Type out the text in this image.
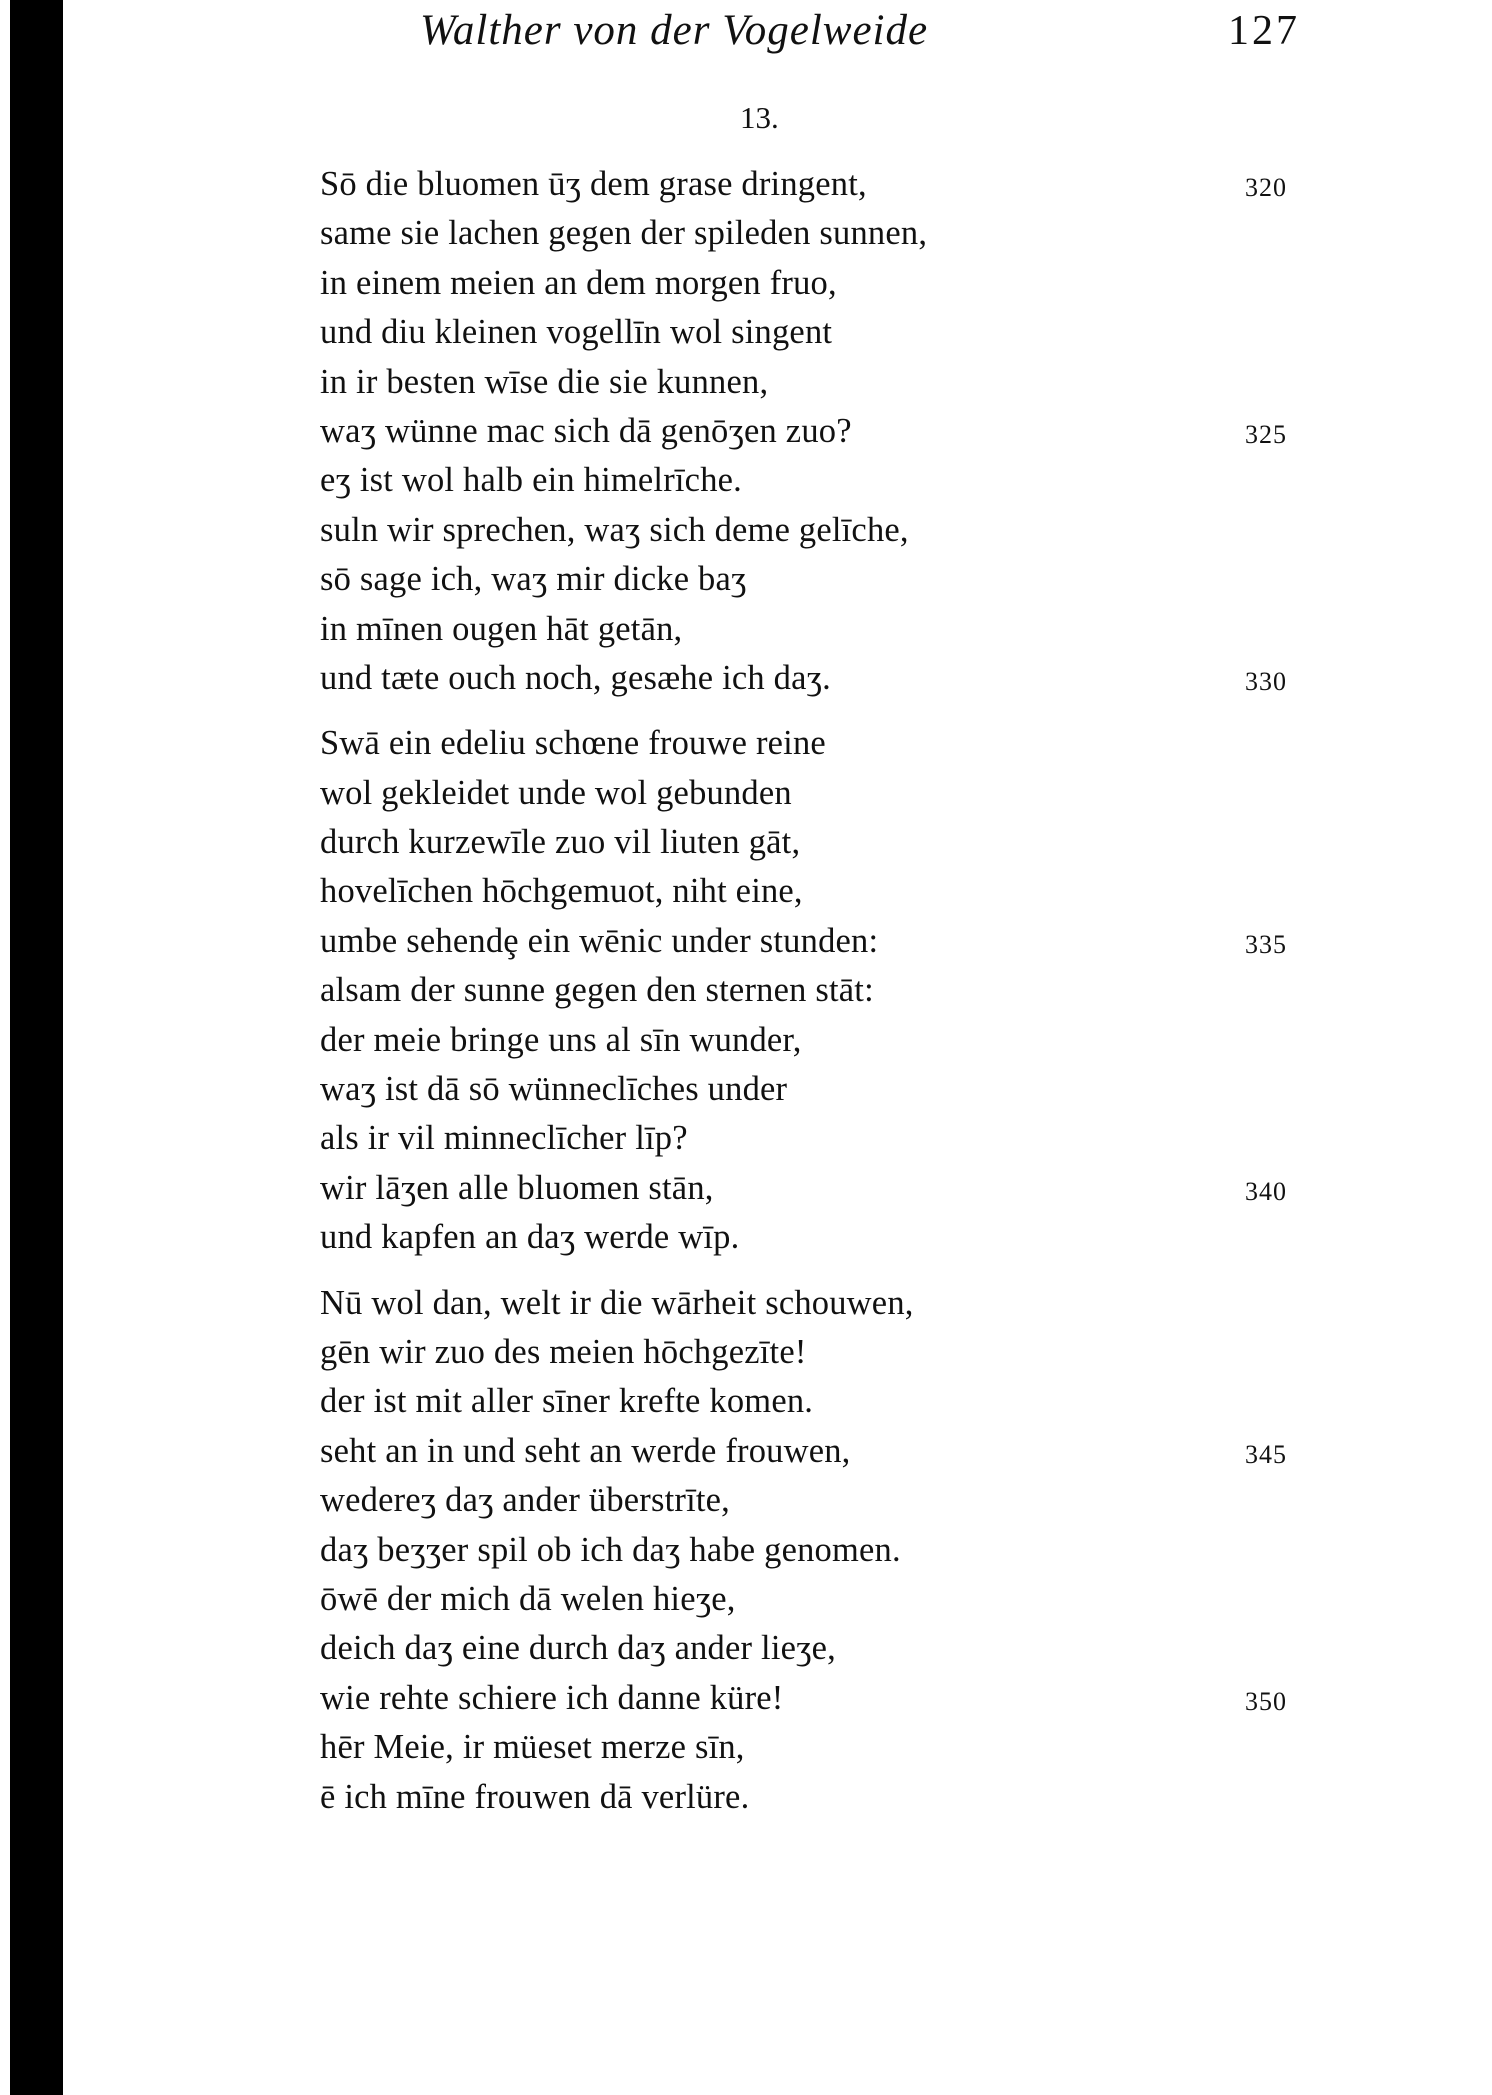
Walther von der Vogelweide	127
13.
Sō die bluomen ūʒ dem grase dringent,	320
same sie lachen gegen der spileden sunnen,
in einem meien an dem morgen fruo,
und diu kleinen vogellīn wol singent
in ir besten wīse die sie kunnen,
waʒ wünne mac sich dā genōʒen zuo?	325
eʒ ist wol halb ein himelrīche.
suln wir sprechen, waʒ sich deme gelīche,
sō sage ich, waʒ mir dicke baʒ
in mīnen ougen hāt getān,
und tæte ouch noch, gesæhe ich daʒ.	330
Swā ein edeliu schœne frouwe reine
wol gekleidet unde wol gebunden
durch kurzewīle zuo vil liuten gāt,
hovelīchen hōchgemuot, niht eine,
umbe sehendȩ ein wēnic under stunden:	335
alsam der sunne gegen den sternen stāt:
der meie bringe uns al sīn wunder,
waʒ ist dā sō wünneclīches under
als ir vil minneclīcher līp?
wir lāʒen alle bluomen stān,	340
und kapfen an daʒ werde wīp.
Nū wol dan, welt ir die wārheit schouwen,
gēn wir zuo des meien hōchgezīte!
der ist mit aller sīner krefte komen.
seht an in und seht an werde frouwen,	345
wedereʒ daʒ ander überstrīte,
daʒ beʒʒer spil ob ich daʒ habe genomen.
ōwē der mich dā welen hieʒe,
deich daʒ eine durch daʒ ander lieʒe,
wie rehte schiere ich danne küre!	350
hēr Meie, ir müeset merze sīn,
ē ich mīne frouwen dā verlüre.
